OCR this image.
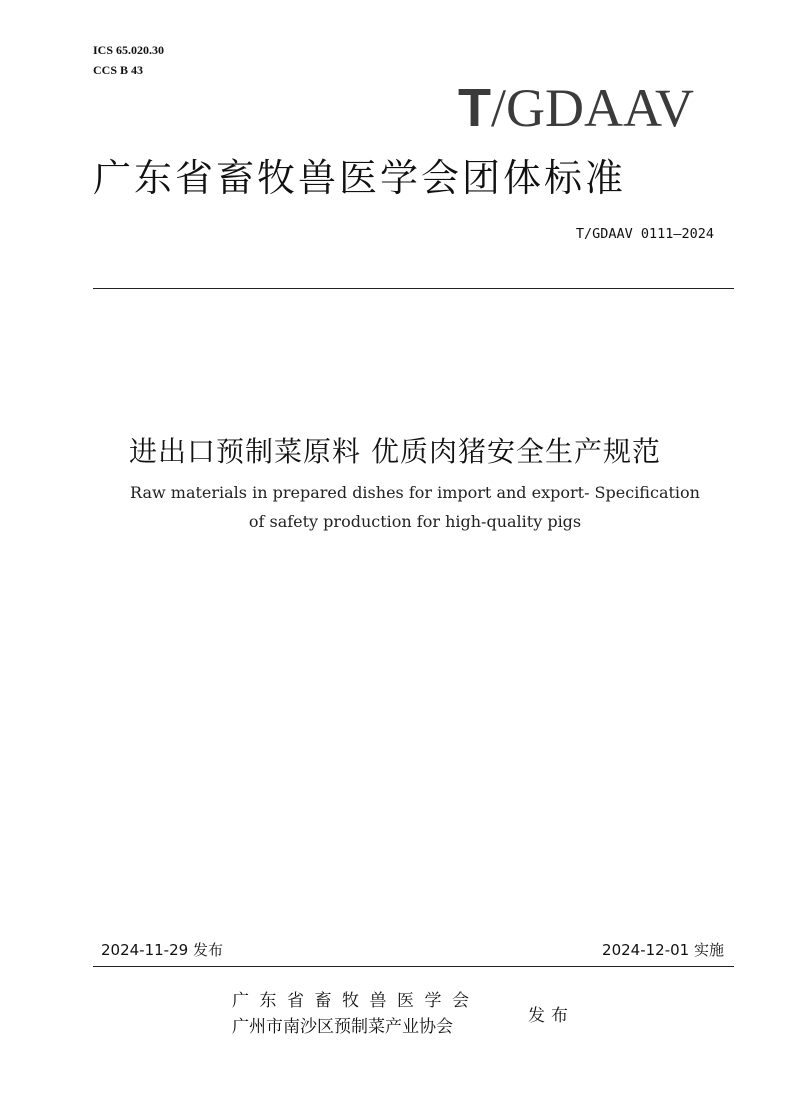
ICS 65.020.30
CCS B 43
T/GDAAV
广东省畜牧兽医学会团体标准
T/GDAAV 0111—2024
进出口预制菜原料 优质肉猪安全生产规范
Raw materials in prepared dishes for import and export- Specification
of safety production for high-quality pigs
2024-11-29 发布	2024-12-01 实施
广东省畜牧兽医学会
广州市南沙区预制菜产业协会
发布
